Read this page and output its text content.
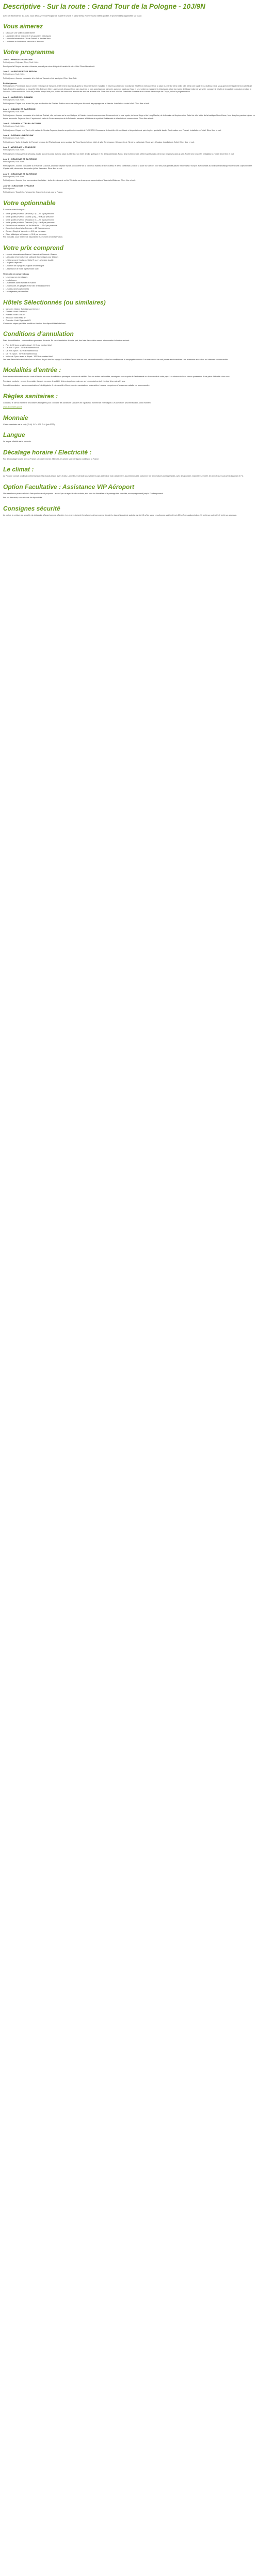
Descriptive - Sur la route : Grand Tour de la Pologne - 10J/9N

Avec cet itinéraire de 10 jours, vous découvrirez la Pologne de manière simple et sans stress. Nombreuses visites guidées et promenades organisées sur place.

Vous aimerez
• Découvrir une visite en toute liberté
• La grande ville de Cracovie et ses quartiers historiques
• Le monde fascinant de l'île de Gdańsk et d'autres lieux
• Le charme et l'histoire de Varsovie et Wrocław
Votre programme
Jour 1 : FRANCE > VARSOVIE
Petit-déjeuner, Déjeuner, Dîner, Nuit. Hôtel.

Envol pour la Pologne. Arrivée à Varsovie, accueil par notre délégué et transfert à votre hôtel. Dîner libre et nuit.

Jour 2 : VARSOVIE ET SA RÉGION
Petit-déjeuner, Nuit. Hôtel.

Petit-déjeuner. Journée consacrée à la visite de Varsovie et de sa région. Dîner libre. Nuit.

Petit-déjeuner

Petit-déjeuner. Promenade dans le centre historique de Varsovie, entièrement reconstruit après la Seconde Guerre mondiale et inscrit au patrimoine mondial de l'UNESCO. Découverte de la place du marché de la vieille ville, de la voie royale et du château royal. Vous apercevrez également la cathédrale Saint-Jean et le quartier de la Nouvelle Ville. Déjeuner libre. L'après-midi, découverte du parc Łazienki, le plus grand parc de Varsovie, avec son palais sur l'eau et ses nombreux monuments historiques. Visite du musée de l'Insurrection de Varsovie, consacré à la lutte de la capitale polonaise pendant la Seconde Guerre mondiale. En fin de journée, temps libre pour profiter de l'ambiance animée des rues de la vieille ville. Dîner libre et nuit à l'hôtel. Possibilité d'assister à un concert de musique de Chopin, selon la programmation.

Jour 3 : VARSOVIE > GDANSK
Petit-déjeuner, Nuit. Hôtel.

Petit-déjeuner. Départ vers le nord du pays en direction de Gdańsk. Arrêt en cours de route pour découvrir les paysages de la Mazurie. Installation à votre hôtel. Dîner libre et nuit.

Jour 4 : GDANSK ET SA RÉGION
Petit-déjeuner, Nuit. Hôtel.

Petit-déjeuner. Journée consacrée à la visite de Gdańsk, ville portuaire sur la mer Baltique, à l'histoire riche et mouvementée. Découverte de la voie royale, de la rue Długa et du Long Marché, de la fontaine de Neptune et de l'hôtel de ville. Visite de la basilique Notre-Dame, l'une des plus grandes églises en brique au monde. Déjeuner libre. L'après-midi, visite du Centre européen de la Solidarité, consacré à l'histoire du syndicat Solidarność et à la chute du communisme. Dîner libre et nuit.

Jour 5 : GDANSK > TORUN > POZNAN
Petit-déjeuner, Nuit. Hôtel.

Petit-déjeuner. Départ vers Toruń, ville natale de Nicolas Copernic, inscrite au patrimoine mondial de l'UNESCO. Découverte de la vieille ville médiévale et dégustation de pain d'épice, spécialité locale. Continuation vers Poznań. Installation à l'hôtel. Dîner libre et nuit.

Jour 6 : POZNAN > WROCLAW
Petit-déjeuner, Nuit. Hôtel.

Petit-déjeuner. Visite de la ville de Poznań, berceau de l'État polonais, avec sa place du Vieux Marché et son hôtel de ville Renaissance. Découverte de l'île de la cathédrale. Route vers Wrocław. Installation à l'hôtel. Dîner libre et nuit.

Jour 7 : WROCLAW > CRACOVIE
Petit-déjeuner, Nuit. Hôtel.

Petit-déjeuner. Découverte de Wrocław, la ville aux cent ponts, avec sa place du Marché, son hôtel de ville gothique et l'île de la cathédrale. Partez à la recherche des célèbres petits nains de bronze dispersés dans la ville. Route vers Cracovie. Installation à l'hôtel. Dîner libre et nuit.

Jour 8 : CRACOVIE ET SA RÉGION
Petit-déjeuner, Nuit. Hôtel.

Petit-déjeuner. Journée consacrée à la visite de Cracovie, ancienne capitale royale. Découverte de la colline du Wawel, de son château et de sa cathédrale, puis de la place du Marché, l'une des plus grandes places médiévales d'Europe, avec la halle aux draps et la basilique Notre-Dame. Déjeuner libre. L'après-midi, découverte du quartier juif de Kazimierz. Dîner libre et nuit.

Jour 9 : CRACOVIE ET SA RÉGION
Petit-déjeuner, Nuit. Hôtel.

Petit-déjeuner. Journée libre ou excursion facultative : visite des mines de sel de Wieliczka ou du camp de concentration d'Auschwitz-Birkenau. Dîner libre et nuit.

Jour 10 : CRACOVIE > FRANCE
Petit-déjeuner.

Petit-déjeuner. Transfert à l'aéroport de Cracovie et envol pour la France.

Votre optionnable

À réserver avant le départ :

• Visite guidée privée de Varsovie (3 h) — 90 € par personne
• Visite guidée privée de Gdańsk (3 h) — 90 € par personne
• Visite guidée privée de Wrocław (3 h) — 90 € par personne
• Visite guidée privée de Cracovie (3 h) — 90 € par personne
• Excursion aux mines de sel de Wieliczka — 75 € par personne
• Excursion à Auschwitz-Birkenau — 85 € par personne
• Concert Chopin à Varsovie — 45 € par personne
• Dîner folklorique à Cracovie — 55 € par personne

Prix indicatifs, sous réserve de disponibilité au moment de la réservation.

Votre prix comprend
• Les vols internationaux France / Varsovie et Cracovie / France
• La location d'une voiture de catégorie économique pour 10 jours
• L'hébergement 9 nuits en hôtels 3* ou 4*, chambre double
• Les petits-déjeuners
• Le carnet de voyage et un guide de la Pologne
• L'assistance de notre représentant local
Votre prix ne comprend pas
• Les repas non mentionnés
• Les boissons
• Les entrées dans les sites et musées
• Le carburant, les péages et les frais de stationnement
• Les assurances optionnelles
• Les dépenses personnelles
Hôtels Sélectionnés (ou similaires)
• Varsovie : Golden Tulip Warsaw Centre 4*
• Gdańsk : Hotel Gdańsk 4*
• Poznań : Hotel Lech 3*
• Wrocław : Hotel Piast 3*
• Cracovie : Hotel Wyspiański 3*

L'ordre des étapes peut être modifié en fonction des disponibilités hôtelières.

Conditions d'annulation

Frais de modification : voir conditions générales de vente. En cas d'annulation de votre part, des frais d'annulation seront retenus selon le barème suivant :

• Plus de 30 jours avant le départ : 10 % du montant total
• De 30 à 21 jours : 25 % du montant total
• De 20 à 8 jours : 50 % du montant total
• De 7 à 2 jours : 75 % du montant total
• Moins de 2 jours avant le départ : 100 % du montant total

Les frais d'annulation sont calculés sur la base du prix total du voyage. Les billets d'avion émis ne sont pas remboursables, selon les conditions de la compagnie aérienne. Les assurances ne sont jamais remboursables. Une assurance annulation est vivement recommandée.

Modalités d'entrée :

Pour les ressortissants français : carte d'identité en cours de validité ou passeport en cours de validité. Pour les autres nationalités, renseignez-vous auprès de l'ambassade ou du consulat de votre pays. Les mineurs doivent être en possession d'une pièce d'identité à leur nom.

Permis de conduire : permis de conduire français en cours de validité, détenu depuis au moins un an. Le conducteur doit être âgé d'au moins 21 ans.

Formalités sanitaires : aucune vaccination n'est obligatoire. Il est conseillé d'être à jour des vaccinations universelles. La carte européenne d'assurance maladie est recommandée.

Règles sanitaires :

Consultez le site du ministère des Affaires étrangères pour connaître les conditions sanitaires en vigueur au moment de votre départ. Les conditions peuvent évoluer à tout moment.

www.diplomatie.gouv.fr

Monnaie

L'unité monétaire est le złoty (PLN). 1 € = 4,30 PLN (juin 2023).

Langue

La langue officielle est le polonais.

Décalage horaire / Electricité :

Pas de décalage horaire avec la France. Le courant est de 230 volts, les prises sont identiques à celles de la France.

Le climat :

La Pologne connaît un climat continental aux étés chauds et aux hivers froids. La meilleure période pour visiter le pays s'étend de mai à septembre. Au printemps et à l'automne, les températures sont agréables, avec des journées ensoleillées. En été, les températures peuvent dépasser 30 °C.

Option Facultative : Assistance VIP Aéroport

Une assistance personnalisée à l'aéroport vous est proposée : accueil par un agent à votre arrivée, aide pour les formalités et le passage des contrôles, accompagnement jusqu'à l'embarquement.

Prix sur demande, sous réserve de disponibilité.

Consignes sécurité

Le port de la ceinture de sécurité est obligatoire à l'avant comme à l'arrière. Les phares doivent être allumés de jour comme de nuit. Le taux d'alcoolémie autorisé est de 0,2 g/l de sang. Les vitesses sont limitées à 50 km/h en agglomération, 90 km/h sur route et 140 km/h sur autoroute.
